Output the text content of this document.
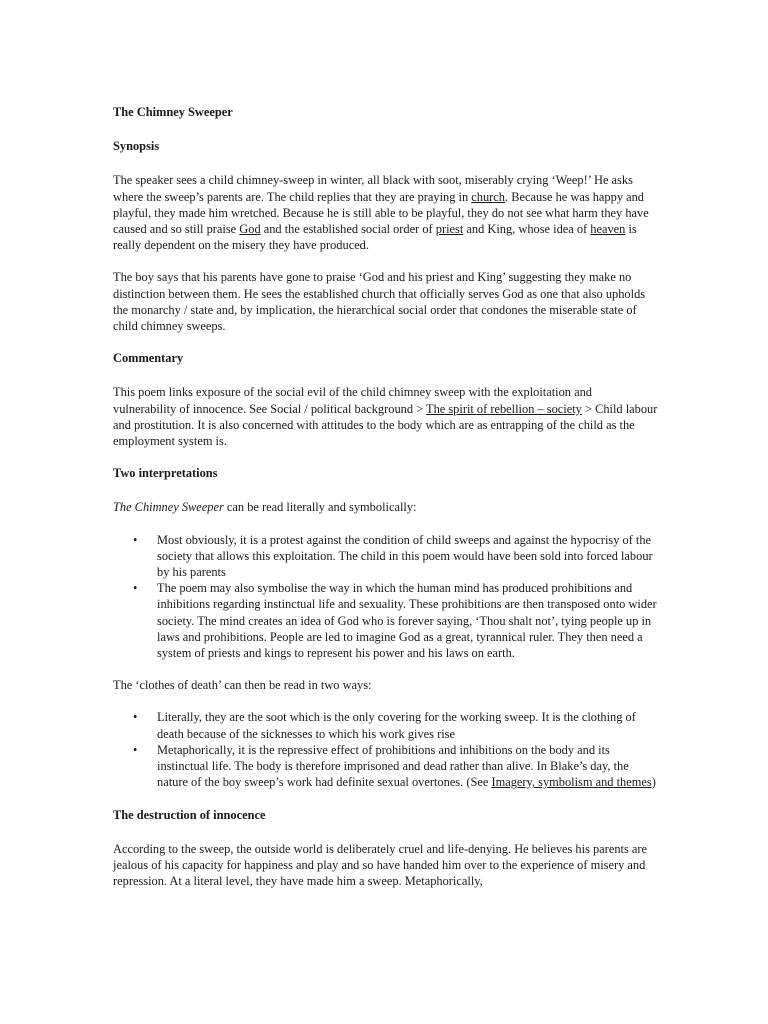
The Chimney Sweeper
Synopsis

The speaker sees a child chimney-sweep in winter, all black with soot, miserably crying ‘Weep!’ He asks where the sweep’s parents are. The child replies that they are praying in church. Because he was happy and playful, they made him wretched. Because he is still able to be playful, they do not see what harm they have caused and so still praise God and the established social order of priest and King, whose idea of heaven is really dependent on the misery they have produced.

The boy says that his parents have gone to praise ‘God and his priest and King’ suggesting they make no distinction between them. He sees the established church that officially serves God as one that also upholds the monarchy / state and, by implication, the hierarchical social order that condones the miserable state of child chimney sweeps.

Commentary

This poem links exposure of the social evil of the child chimney sweep with the exploitation and vulnerability of innocence. See Social / political background > The spirit of rebellion – society > Child labour and prostitution. It is also concerned with attitudes to the body which are as entrapping of the child as the employment system is.

Two interpretations

The Chimney Sweeper can be read literally and symbolically:

• Most obviously, it is a protest against the condition of child sweeps and against the hypocrisy of the society that allows this exploitation. The child in this poem would have been sold into forced labour by his parents
• The poem may also symbolise the way in which the human mind has produced prohibitions and inhibitions regarding instinctual life and sexuality. These prohibitions are then transposed onto wider society. The mind creates an idea of God who is forever saying, ‘Thou shalt not’, tying people up in laws and prohibitions. People are led to imagine God as a great, tyrannical ruler. They then need a system of priests and kings to represent his power and his laws on earth.

The ‘clothes of death’ can then be read in two ways:

• Literally, they are the soot which is the only covering for the working sweep. It is the clothing of death because of the sicknesses to which his work gives rise
• Metaphorically, it is the repressive effect of prohibitions and inhibitions on the body and its instinctual life. The body is therefore imprisoned and dead rather than alive. In Blake’s day, the nature of the boy sweep’s work had definite sexual overtones. (See Imagery, symbolism and themes)
The destruction of innocence

According to the sweep, the outside world is deliberately cruel and life-denying. He believes his parents are jealous of his capacity for happiness and play and so have handed him over to the experience of misery and repression. At a literal level, they have made him a sweep. Metaphorically,
